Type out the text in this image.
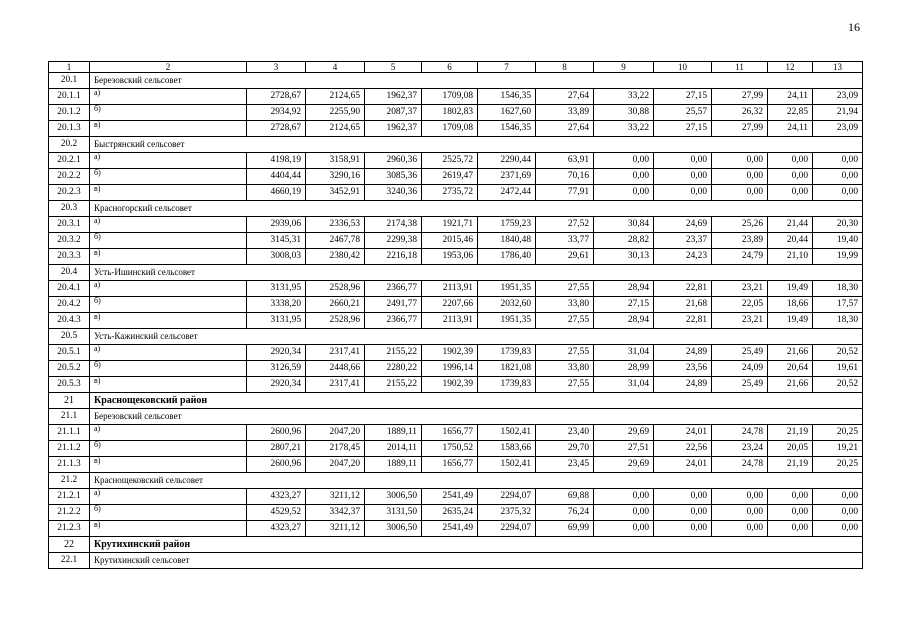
16
1	2	3	4	5	6	7	8	9	10	11	12	13
20.1	Березовский сельсовет											
20.1.1	а)	2728,67	2124,65	1962,37	1709,08	1546,35	27,64	33,22	27,15	27,99	24,11	23,09
20.1.2	б)	2934,92	2255,90	2087,37	1802,83	1627,60	33,89	30,88	25,57	26,32	22,85	21,94
20.1.3	в)	2728,67	2124,65	1962,37	1709,08	1546,35	27,64	33,22	27,15	27,99	24,11	23,09
20.2	Быстрянский сельсовет											
20.2.1	а)	4198,19	3158,91	2960,36	2525,72	2290,44	63,91	0,00	0,00	0,00	0,00	0,00
20.2.2	б)	4404,44	3290,16	3085,36	2619,47	2371,69	70,16	0,00	0,00	0,00	0,00	0,00
20.2.3	в)	4660,19	3452,91	3240,36	2735,72	2472,44	77,91	0,00	0,00	0,00	0,00	0,00
20.3	Красногорский сельсовет											
20.3.1	а)	2939,06	2336,53	2174,38	1921,71	1759,23	27,52	30,84	24,69	25,26	21,44	20,30
20.3.2	б)	3145,31	2467,78	2299,38	2015,46	1840,48	33,77	28,82	23,37	23,89	20,44	19,40
20.3.3	в)	3008,03	2380,42	2216,18	1953,06	1786,40	29,61	30,13	24,23	24,79	21,10	19,99
20.4	Усть-Ишинский сельсовет											
20.4.1	а)	3131,95	2528,96	2366,77	2113,91	1951,35	27,55	28,94	22,81	23,21	19,49	18,30
20.4.2	б)	3338,20	2660,21	2491,77	2207,66	2032,60	33,80	27,15	21,68	22,05	18,66	17,57
20.4.3	в)	3131,95	2528,96	2366,77	2113,91	1951,35	27,55	28,94	22,81	23,21	19,49	18,30
20.5	Усть-Кажинский сельсовет											
20.5.1	а)	2920,34	2317,41	2155,22	1902,39	1739,83	27,55	31,04	24,89	25,49	21,66	20,52
20.5.2	б)	3126,59	2448,66	2280,22	1996,14	1821,08	33,80	28,99	23,56	24,09	20,64	19,61
20.5.3	в)	2920,34	2317,41	2155,22	1902,39	1739,83	27,55	31,04	24,89	25,49	21,66	20,52
21	Краснощековский район											
21.1	Березовский сельсовет											
21.1.1	а)	2600,96	2047,20	1889,11	1656,77	1502,41	23,40	29,69	24,01	24,78	21,19	20,25
21.1.2	б)	2807,21	2178,45	2014,11	1750,52	1583,66	29,70	27,51	22,56	23,24	20,05	19,21
21.1.3	в)	2600,96	2047,20	1889,11	1656,77	1502,41	23,45	29,69	24,01	24,78	21,19	20,25
21.2	Краснощековский сельсовет											
21.2.1	а)	4323,27	3211,12	3006,50	2541,49	2294,07	69,88	0,00	0,00	0,00	0,00	0,00
21.2.2	б)	4529,52	3342,37	3131,50	2635,24	2375,32	76,24	0,00	0,00	0,00	0,00	0,00
21.2.3	в)	4323,27	3211,12	3006,50	2541,49	2294,07	69,99	0,00	0,00	0,00	0,00	0,00
22	Крутихинский район											
22.1	Крутихинский сельсовет											
